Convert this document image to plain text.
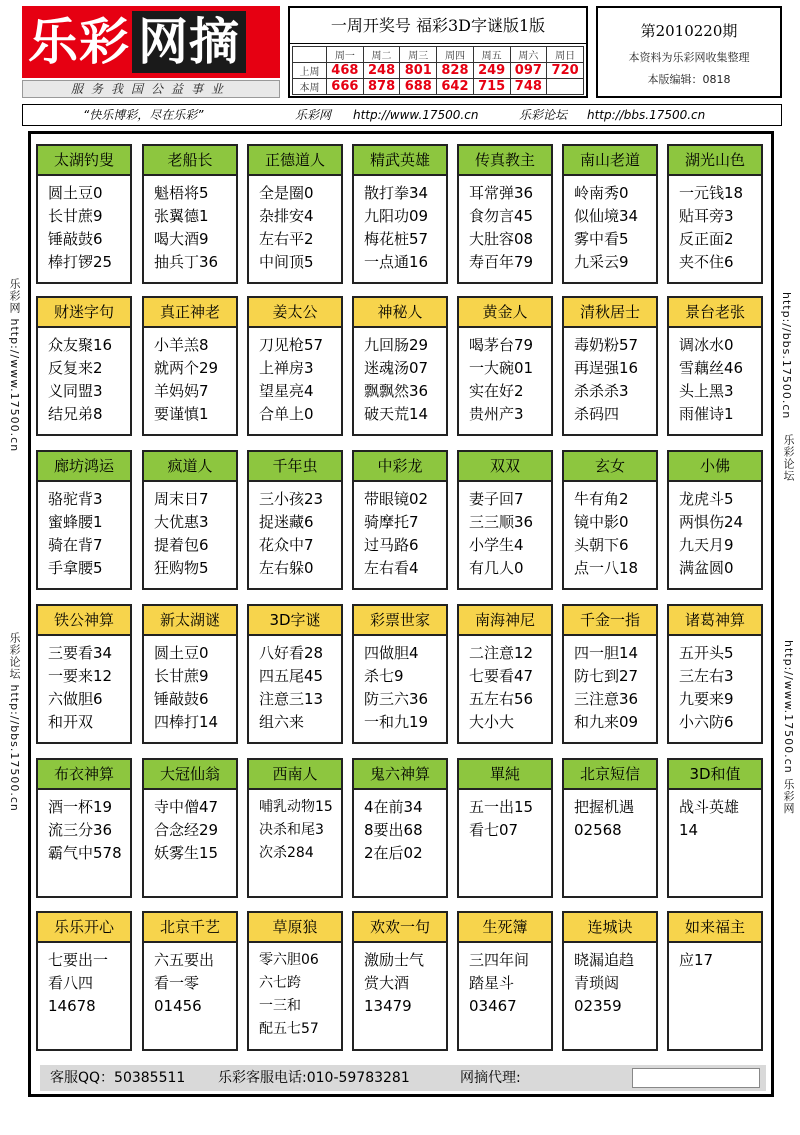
乐彩 网摘
服务我国公益事业
一周开奖号 福彩3D字谜版1版
	周一	周二	周三	周四	周五	周六	周日
上周	468	248	801	828	249	097	720
本周	666	878	688	642	715	748	
第2010220期
本资料为乐彩网收集整理
本版编辑：0818
“快乐博彩，尽在乐彩”	乐彩网 http://www.17500.cn	乐彩论坛 http://bbs.17500.cn
乐彩网 http://www.17500.cn
乐彩论坛 http://bbs.17500.cn
http://bbs.17500.cn
乐彩论坛
http://www.17500.cn 乐彩网
太湖钓叟
圆土豆0
长甘蔗9
锤敲鼓6
棒打锣25
老船长
魁梧将5
张翼德1
喝大酒9
抽兵丁36
正德道人
全是圈0
杂排安4
左右平2
中间顶5
精武英雄
散打拳34
九阳功09
梅花桩57
一点通16
传真教主
耳常弹36
食勿言45
大肚容08
寿百年79
南山老道
岭南秀0
似仙境34
雾中看5
九采云9
湖光山色
一元钱18
贴耳旁3
反正面2
夹不住6
财迷字句
众友聚16
反复来2
义同盟3
结兄弟8
真正神老
小羊羔8
就两个29
羊妈妈7
要谨慎1
姜太公
刀见枪57
上禅房3
望星亮4
合单上0
神秘人
九回肠29
迷魂汤07
飘飘然36
破天荒14
黄金人
喝茅台79
一大碗01
实在好2
贵州产3
清秋居士
毒奶粉57
再逞强16
杀杀杀3
杀码四
景台老张
调冰水0
雪藕丝46
头上黑3
雨催诗1
廊坊鸿运
骆驼背3
蜜蜂腰1
骑在背7
手拿腰5
疯道人
周末日7
大优惠3
提着包6
狂购物5
千年虫
三小孩23
捉迷藏6
花众中7
左右躲0
中彩龙
带眼镜02
骑摩托7
过马路6
左右看4
双双
妻子回7
三三顺36
小学生4
有几人0
玄女
牛有角2
镜中影0
头朝下6
点一八18
小佛
龙虎斗5
两惧伤24
九天月9
满盆圆0
铁公神算
三要看34
一要来12
六做胆6
和开双
新太湖谜
圆土豆0
长甘蔗9
锤敲鼓6
四棒打14
3D字谜
八好看28
四五尾45
注意三13
组六来
彩票世家
四做胆4
杀七9
防三六36
一和九19
南海神尼
二注意12
七要看47
五左右56
大小大
千金一指
四一胆14
防七到27
三注意36
和九来09
诸葛神算
五开头5
三左右3
九要来9
小六防6
布衣神算
酒一杯19
流三分36
霸气中578
大冠仙翁
寺中僧47
合念经29
妖雾生15
西南人
哺乳动物15
决杀和尾3
次杀284
鬼六神算
4在前34
8要出68
2在后02
單純
五一出15
看七07
北京短信
把握机遇
02568
3D和值
战斗英雄
14
乐乐开心
七要出一
看八四
14678
北京千艺
六五要出
看一零
01456
草原狼
零六胆06
六七跨
一三和
配五七57
欢欢一句
激励士气
赏大酒
13479
生死簿
三四年间
踏星斗
03467
连城诀
晓漏追趋
青琐闼
02359
如来福主
应17
客服QQ：50385511 乐彩客服电话:010-59783281	网摘代理:
